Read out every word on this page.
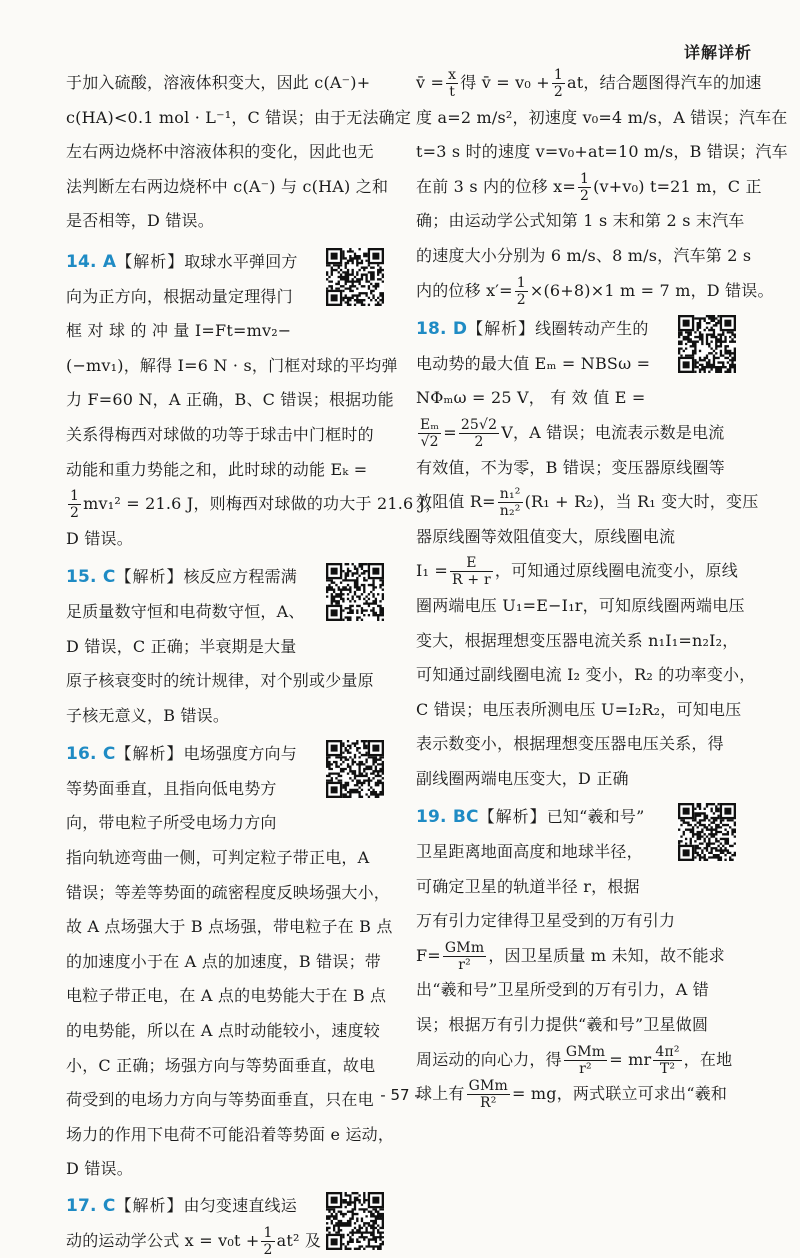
详解详析

于加入硫酸，溶液体积变大，因此 c(A⁻)+

c(HA)<0.1 mol · L⁻¹，C 错误；由于无法确定

左右两边烧杯中溶液体积的变化，因此也无

法判断左右两边烧杯中 c(A⁻) 与 c(HA) 之和

是否相等，D 错误。

14. A【解析】取球水平弹回方

向为正方向，根据动量定理得门

框 对 球 的 冲 量 I=Ft=mv₂−

(−mv₁)，解得 I=6 N · s，门框对球的平均弹

力 F=60 N，A 正确，B、C 错误；根据功能

关系得梅西对球做的功等于球击中门框时的

动能和重力势能之和，此时球的动能 Eₖ =

$\frac{1}{2} mv_1^2 = 21.6$ J，则梅西对球做的功大于 21.6 J，

D 错误。

15. C【解析】核反应方程需满

足质量数守恒和电荷数守恒，A、

D 错误，C 正确；半衰期是大量

原子核衰变时的统计规律，对个别或少量原

子核无意义，B 错误。

16. C【解析】电场强度方向与

等势面垂直，且指向低电势方

向，带电粒子所受电场力方向

指向轨迹弯曲一侧，可判定粒子带正电，A

错误；等差等势面的疏密程度反映场强大小，

故 A 点场强大于 B 点场强，带电粒子在 B 点

的加速度小于在 A 点的加速度，B 错误；带

电粒子带正电，在 A 点的电势能大于在 B 点

的电势能，所以在 A 点时动能较小，速度较

小，C 正确；场强方向与等势面垂直，故电

荷受到的电场力方向与等势面垂直，只在电

场力的作用下电荷不可能沿着等势面 e 运动，

D 错误。

17. C【解析】由匀变速直线运

动的运动学公式 $x = v_0t + \frac{1}{2} at^2$ 及

v̄ = $\frac{x}{t}$ 得 v̄ = $v_0 + \frac{1}{2}$ at，结合题图得汽车的加速

度 a=2 m/s²，初速度 v₀=4 m/s，A 错误；汽车在

t=3 s 时的速度 v=v₀+at=10 m/s，B 错误；汽车

在前 3 s 内的位移 $x= \frac{1}{2} (v+v_0)$ t=21 m，C 正

确；由运动学公式知第 1 s 末和第 2 s 末汽车

的速度大小分别为 6 m/s、8 m/s，汽车第 2 s

内的位移 $x'= \frac{1}{2} \times(6+8)\times 1$ m = 7 m，D 错误。

18. D【解析】线圈转动产生的

电动势的最大值 Eₘ = NBSω =

NΦₘω = 25 V， 有 效 值 E =

$\frac{\text{Eₘ}}{√2} = \frac{25√2}{2}$ V，A 错误；电流表示数是电流

有效值，不为零，B 错误；变压器原线圈等

效阻值 $R= \frac{\text{n₁²}}{\text{n₂²}} (R_1 + R_2)$，当 R₁ 变大时，变压

器原线圈等效阻值变大，原线圈电流

$I_1 = \frac{E}{R + r}$ ，可知通过原线圈电流变小，原线

圈两端电压 U₁=E−I₁r，可知原线圈两端电压

变大，根据理想变压器电流关系 n₁I₁=n₂I₂，

可知通过副线圈电流 I₂ 变小，R₂ 的功率变小，

C 错误；电压表所测电压 U=I₂R₂，可知电压

表示数变小，根据理想变压器电压关系，得

副线圈两端电压变大，D 正确

19. BC【解析】已知“羲和号”

卫星距离地面高度和地球半径，

可确定卫星的轨道半径 r，根据

万有引力定律得卫星受到的万有引力

$F= \frac{\text{GMm}}{\text{r²}}$ ，因卫星质量 m 未知，故不能求

出“羲和号”卫星所受到的万有引力，A 错

误；根据万有引力提供“羲和号”卫星做圆

周运动的向心力，得 $\frac{\text{GMm}}{\text{r²}}$ = mr $\frac{\text{4π²}}{\text{T²}}$ ，在地

球上有 $\frac{\text{GMm}}{\text{R²}}$ = mg，两式联立可求出“羲和

- 57 -
